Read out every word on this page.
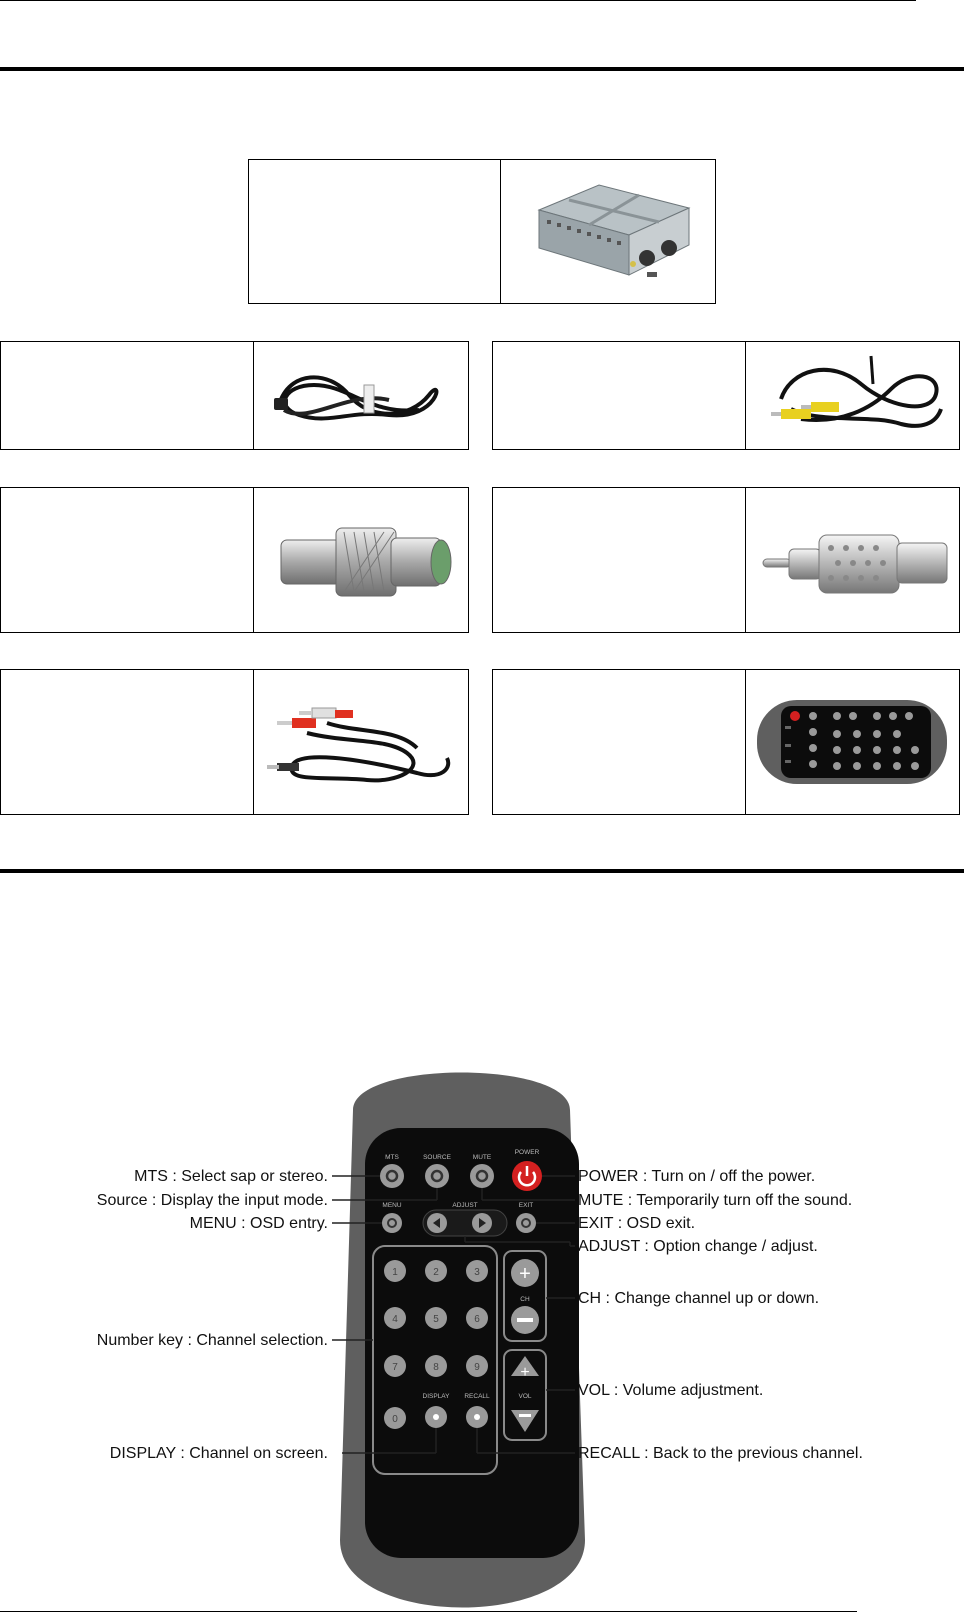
MTS	SOURCE	MUTE
POWER
MENU	ADJUST	EXIT
1	2	3
4	5	6
7	8	9
0
DISPLAY RECALL
+
CH
+
VOL
MTS : Select sap or stereo.
Source : Display the input mode.
MENU : OSD entry.
Number key : Channel selection.
DISPLAY : Channel on screen.
POWER : Turn on / off the power.
MUTE : Temporarily turn off the sound.
EXIT : OSD exit.
ADJUST : Option change / adjust.
CH : Change channel up or down.
VOL : Volume adjustment.
RECALL : Back to the previous channel.
